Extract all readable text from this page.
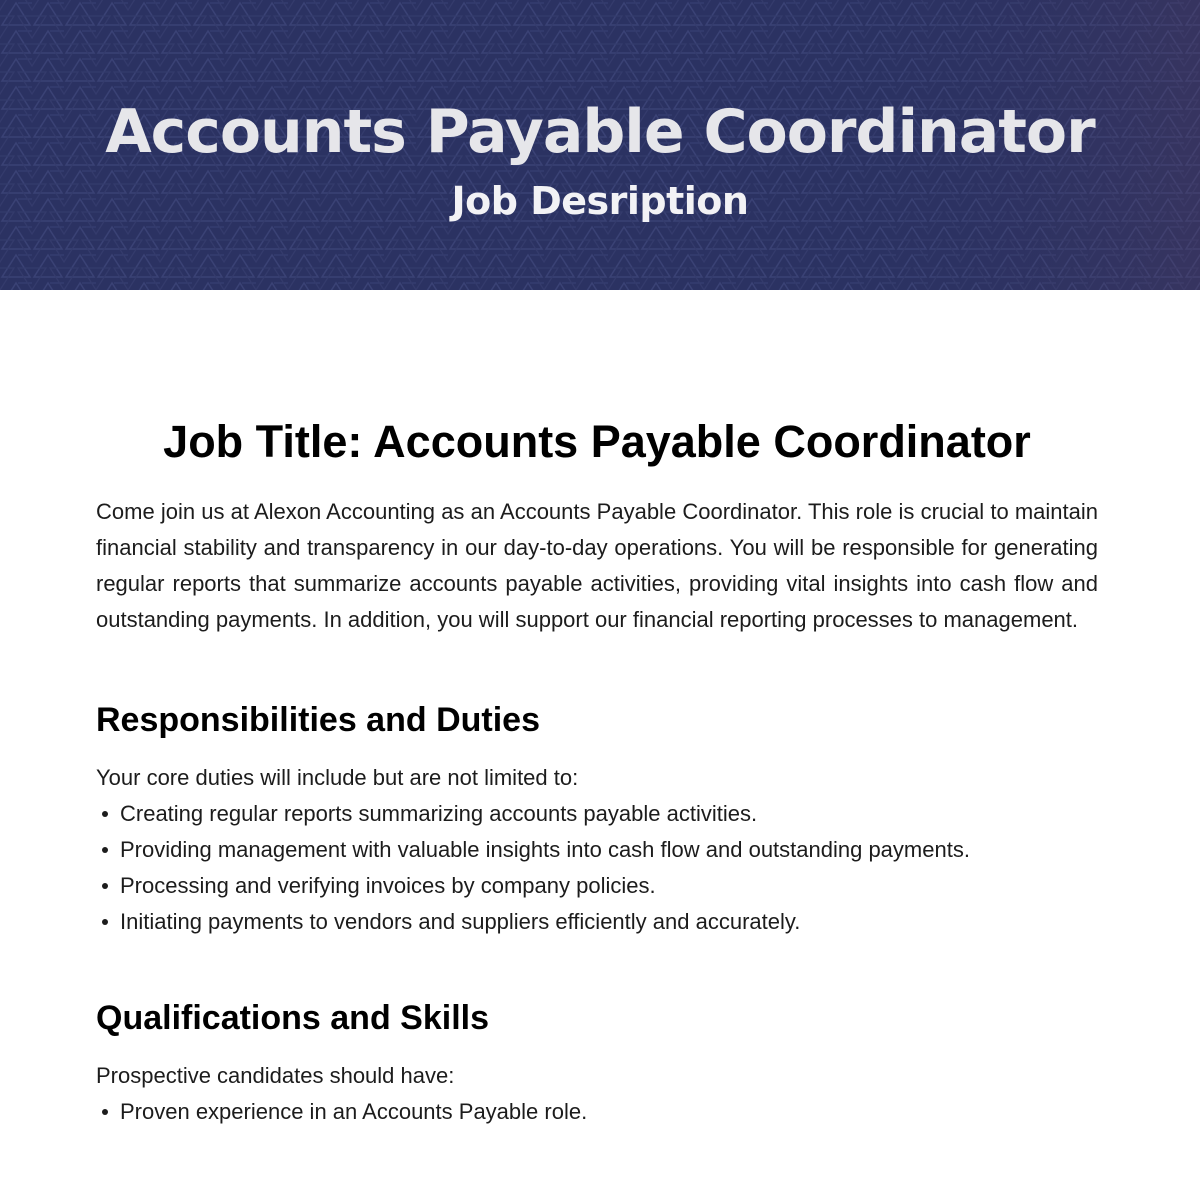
Accounts Payable Coordinator
Job Desription
Job Title: Accounts Payable Coordinator

Come join us at Alexon Accounting as an Accounts Payable Coordinator. This role is crucial to maintain financial stability and transparency in our day-to-day operations. You will be responsible for generating regular reports that summarize accounts payable activities, providing vital insights into cash flow and outstanding payments. In addition, you will support our financial reporting processes to management.

Responsibilities and Duties

Your core duties will include but are not limited to:

Creating regular reports summarizing accounts payable activities.
Providing management with valuable insights into cash flow and outstanding payments.
Processing and verifying invoices by company policies.
Initiating payments to vendors and suppliers efficiently and accurately.
Qualifications and Skills

Prospective candidates should have:

Proven experience in an Accounts Payable role.
